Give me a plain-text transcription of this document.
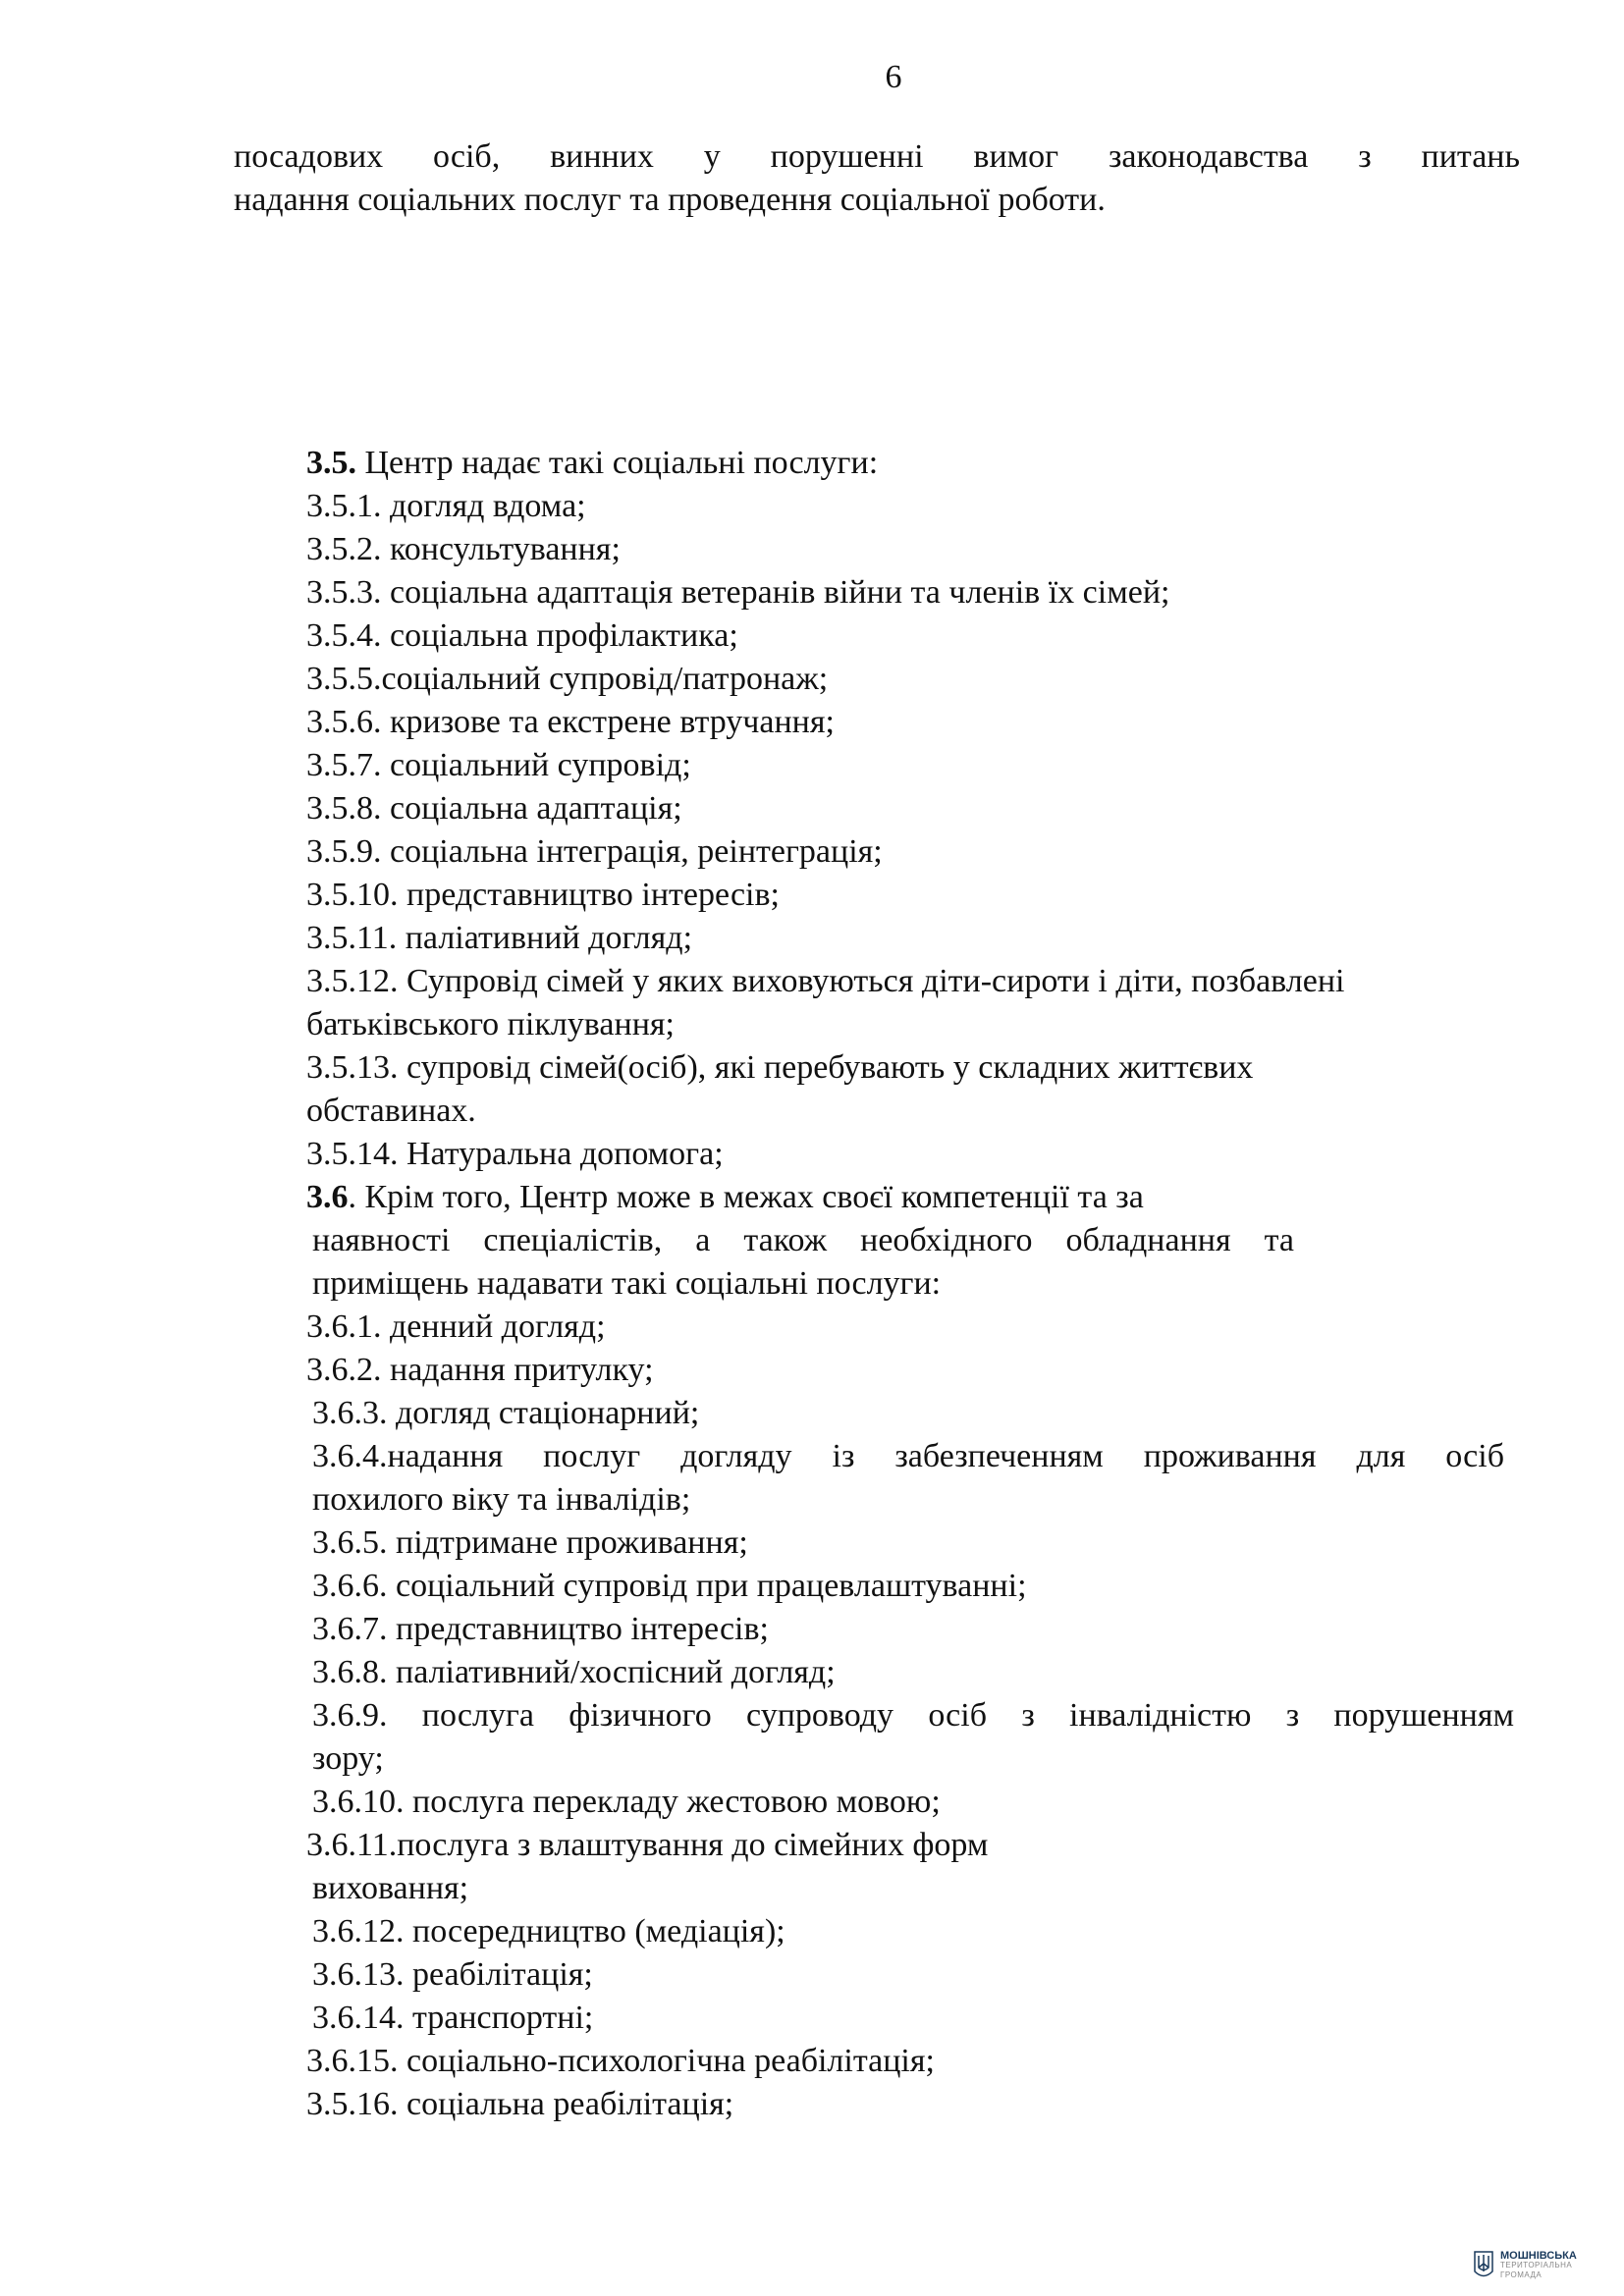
6
посадових осіб, винних у порушенні вимог законодавства з питань
надання соціальних послуг та проведення соціальної роботи.
3.5. Центр надає такі соціальні послуги:
3.5.1. догляд вдома;
3.5.2. консультування;
3.5.3. соціальна адаптація ветеранів війни та членів їх сімей;
3.5.4. соціальна профілактика;
3.5.5.соціальний супровід/патронаж;
3.5.6. кризове та екстрене втручання;
3.5.7. соціальний супровід;
3.5.8. соціальна адаптація;
3.5.9. соціальна інтеграція, реінтеграція;
3.5.10. представництво інтересів;
3.5.11. паліативний догляд;
3.5.12. Супровід сімей у яких виховуються діти-сироти і діти, позбавлені
батьківського піклування;
3.5.13. супровід сімей(осіб), які перебувають у складних життєвих
обставинах.
3.5.14. Натуральна допомога;
3.6. Крім того, Центр може в межах своєї компетенції та за
наявності спеціалістів, а також необхідного обладнання та
приміщень надавати такі соціальні послуги:
3.6.1. денний догляд;
3.6.2. надання притулку;
3.6.3. догляд стаціонарний;
3.6.4.надання послуг догляду із забезпеченням проживання для осіб
похилого віку та інвалідів;
3.6.5. підтримане проживання;
3.6.6. соціальний супровід при працевлаштуванні;
3.6.7. представництво інтересів;
3.6.8. паліативний/хоспісний догляд;
3.6.9. послуга фізичного супроводу осіб з інвалідністю з порушенням
зору;
3.6.10. послуга перекладу жестовою мовою;
3.6.11.послуга з влаштування до сімейних форм
виховання;
3.6.12. посередництво (медіація);
3.6.13. реабілітація;
3.6.14. транспортні;
3.6.15. соціально-психологічна реабілітація;
3.5.16. соціальна реабілітація;
МОШНІВСЬКА
ТЕРИТОРІАЛЬНА
ГРОМАДА
